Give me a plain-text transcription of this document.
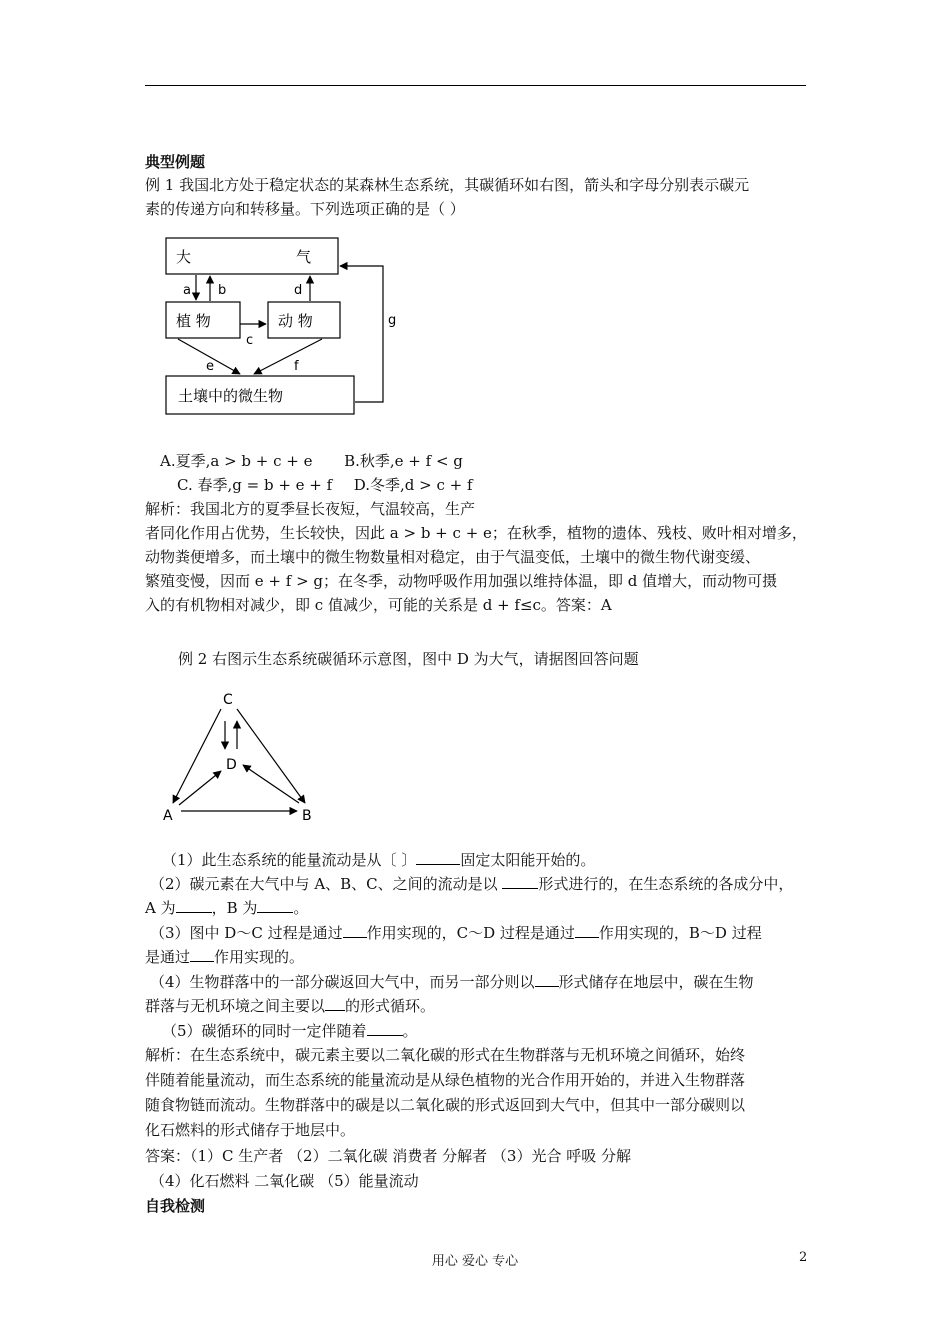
典型例题
例 1 我国北方处于稳定状态的某森林生态系统，其碳循环如右图，箭头和字母分别表示碳元
素的传递方向和转移量。下列选项正确的是（ ）
大	气
植 物	动 物
土壤中的微生物
a b	d
c
e	f
g
A.夏季,a > b + c + e B.秋季,e + f < g
C. 春季,g = b + e + f D.冬季,d > c + f
解析：我国北方的夏季昼长夜短，气温较高，生产
者同化作用占优势，生长较快，因此 a > b + c + e；在秋季，植物的遗体、残枝、败叶相对增多，
动物粪便增多，而土壤中的微生物数量相对稳定，由于气温变低，土壤中的微生物代谢变缓、
繁殖变慢，因而 e + f > g；在冬季，动物呼吸作用加强以维持体温，即 d 值增大，而动物可摄
入的有机物相对减少，即 c 值减少，可能的关系是 d + f≤c。答案：A
例 2 右图示生态系统碳循环示意图，图中 D 为大气，请据图回答问题
C
D
A	B
（1）此生态系统的能量流动是从〔 〕	固定太阳能开始的。
（2）碳元素在大气中与 A、B、C、之间的流动是以 形式进行的，在生态系统的各成分中，
A 为 ，B 为 。
（3）图中 D～C 过程是通过 作用实现的，C～D 过程是通过 作用实现的，B～D 过程
是通过 作用实现的。
（4）生物群落中的一部分碳返回大气中，而另一部分则以 形式储存在地层中，碳在生物
群落与无机环境之间主要以 的形式循环。
（5）碳循环的同时一定伴随着 。
解析：在生态系统中，碳元素主要以二氧化碳的形式在生物群落与无机环境之间循环，始终
伴随着能量流动，而生态系统的能量流动是从绿色植物的光合作用开始的，并进入生物群落
随食物链而流动。生物群落中的碳是以二氧化碳的形式返回到大气中，但其中一部分碳则以
化石燃料的形式储存于地层中。
答案：（1）C 生产者 （2）二氧化碳 消费者 分解者 （3）光合 呼吸 分解
（4）化石燃料 二氧化碳 （5）能量流动
自我检测
用心 爱心 专心	2
